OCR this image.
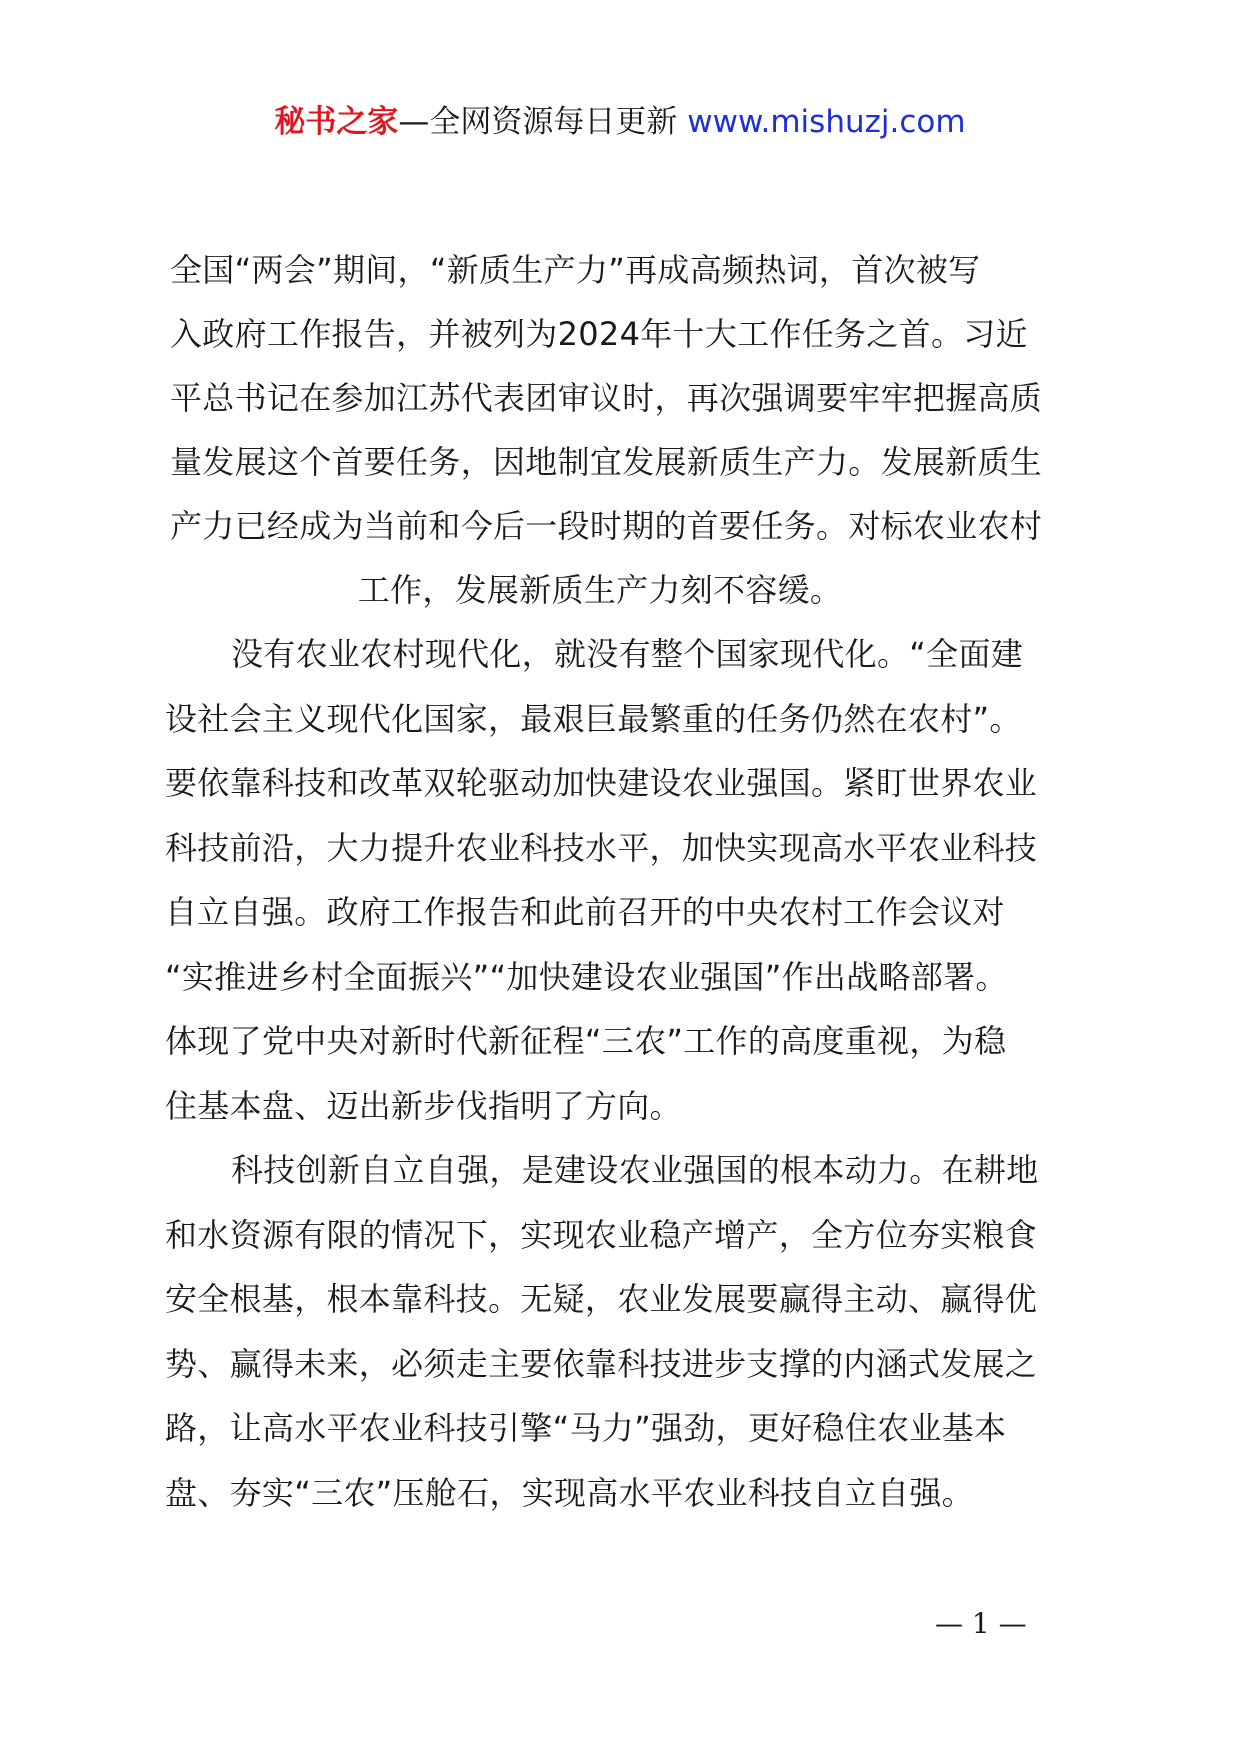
秘书之家—全网资源每日更新 www.mishuzj.com
全国“两会”期间，“新质生产力”再成高频热词，首次被写
入政府工作报告，并被列为2024年十大工作任务之首。习近
平总书记在参加江苏代表团审议时，再次强调要牢牢把握高质
量发展这个首要任务，因地制宜发展新质生产力。发展新质生
产力已经成为当前和今后一段时期的首要任务。对标农业农村
工作，发展新质生产力刻不容缓。
没有农业农村现代化，就没有整个国家现代化。“全面建
设社会主义现代化国家，最艰巨最繁重的任务仍然在农村”。
要依靠科技和改革双轮驱动加快建设农业强国。紧盯世界农业
科技前沿，大力提升农业科技水平，加快实现高水平农业科技
自立自强。政府工作报告和此前召开的中央农村工作会议对
“实推进乡村全面振兴”“加快建设农业强国”作出战略部署。
体现了党中央对新时代新征程“三农”工作的高度重视，为稳
住基本盘、迈出新步伐指明了方向。
科技创新自立自强，是建设农业强国的根本动力。在耕地
和水资源有限的情况下，实现农业稳产增产，全方位夯实粮食
安全根基，根本靠科技。无疑，农业发展要赢得主动、赢得优
势、赢得未来，必须走主要依靠科技进步支撑的内涵式发展之
路，让高水平农业科技引擎“马力”强劲，更好稳住农业基本
盘、夯实“三农”压舱石，实现高水平农业科技自立自强。
— 1 —
